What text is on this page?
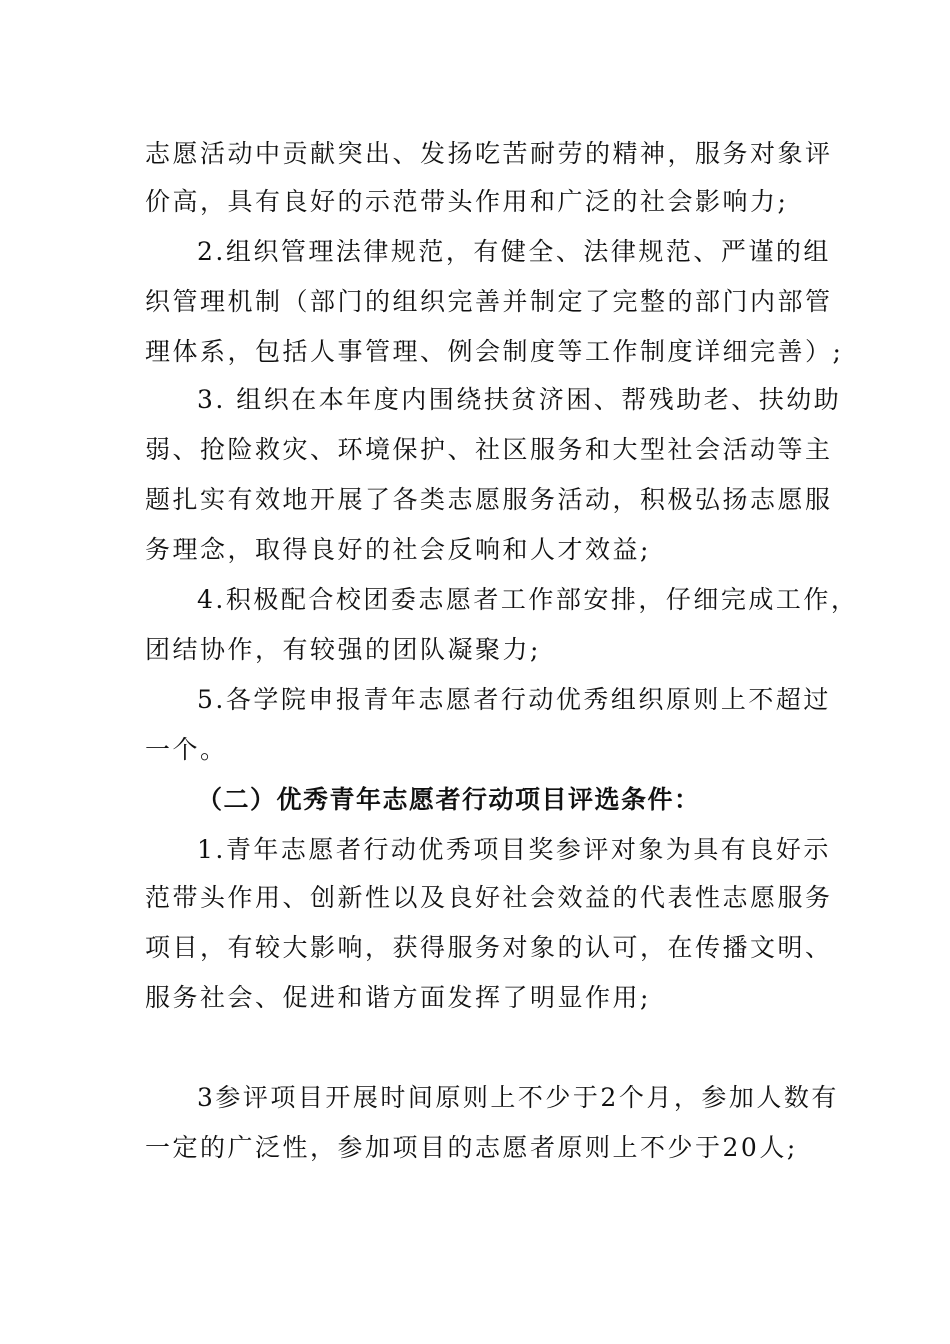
志愿活动中贡献突出、发扬吃苦耐劳的精神，服务对象评
价高，具有良好的示范带头作用和广泛的社会影响力;
2.组织管理法律规范，有健全、法律规范、严谨的组
织管理机制（部门的组织完善并制定了完整的部门内部管
理体系，包括人事管理、例会制度等工作制度详细完善）;
3. 组织在本年度内围绕扶贫济困、帮残助老、扶幼助
弱、抢险救灾、环境保护、社区服务和大型社会活动等主
题扎实有效地开展了各类志愿服务活动，积极弘扬志愿服
务理念，取得良好的社会反响和人才效益;
4.积极配合校团委志愿者工作部安排，仔细完成工作，
团结协作，有较强的团队凝聚力;
5.各学院申报青年志愿者行动优秀组织原则上不超过
一个。
（二）优秀青年志愿者行动项目评选条件：
1.青年志愿者行动优秀项目奖参评对象为具有良好示
范带头作用、创新性以及良好社会效益的代表性志愿服务
项目，有较大影响，获得服务对象的认可，在传播文明、
服务社会、促进和谐方面发挥了明显作用;
3参评项目开展时间原则上不少于2个月，参加人数有
一定的广泛性，参加项目的志愿者原则上不少于20人;
